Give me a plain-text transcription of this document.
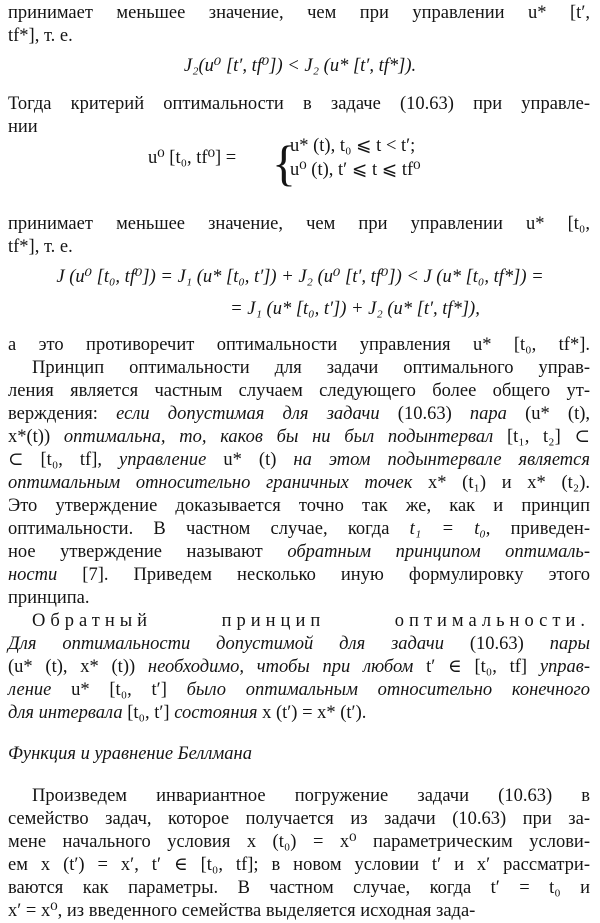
принимает меньшее значение, чем при управлении u* [t′,
tf*], т. е.
J₂(u⁰ [t′, tf⁰]) < J₂ (u* [t′, tf*]).
Тогда критерий оптимальности в задаче (10.63) при управле-
нии
u⁰ [t₀, tf⁰] = {
u* (t), t₀ ⩽ t < t′;
u⁰ (t), t′ ⩽ t ⩽ tf⁰
принимает меньшее значение, чем при управлении u* [t₀,
tf*], т. е.
J (u⁰ [t₀, tf⁰]) = J₁ (u* [t₀, t′]) + J₂ (u⁰ [t′, tf⁰]) < J (u* [t₀, tf*]) =
= J₁ (u* [t₀, t′]) + J₂ (u* [t′, tf*]),
а это противоречит оптимальности управления u* [t₀, tf*].
Принцип оптимальности для задачи оптимального управ-
ления является частным случаем следующего более общего ут-
верждения: если допустимая для задачи (10.63) пара (u* (t),
x*(t)) оптимальна, то, каков бы ни был подынтервал [t₁, t₂] ⊂
⊂ [t₀, tf], управление u* (t) на этом подынтервале является
оптимальным относительно граничных точек x* (t₁) и x* (t₂).
Это утверждение доказывается точно так же, как и принцип
оптимальности. В частном случае, когда t₁ = t₀, приведен-
ное утверждение называют обратным принципом оптималь-
ности [7]. Приведем несколько иную формулировку этого
принципа.
Обратный принцип оптимальности.
Для оптимальности допустимой для задачи (10.63) пары
(u* (t), x* (t)) необходимо, чтобы при любом t′ ∈ [t₀, tf] управ-
ление u* [t₀, t′] было оптимальным относительно конечного
для интервала [t₀, t′] состояния x (t′) = x* (t′).
Функция и уравнение Беллмана
Произведем инвариантное погружение задачи (10.63) в
семейство задач, которое получается из задачи (10.63) при за-
мене начального условия x (t₀) = x⁰ параметрическим услови-
ем x (t′) = x′, t′ ∈ [t₀, tf]; в новом условии t′ и x′ рассматри-
ваются как параметры. В частном случае, когда t′ = t₀ и
x′ = x⁰, из введенного семейства выделяется исходная зада-
